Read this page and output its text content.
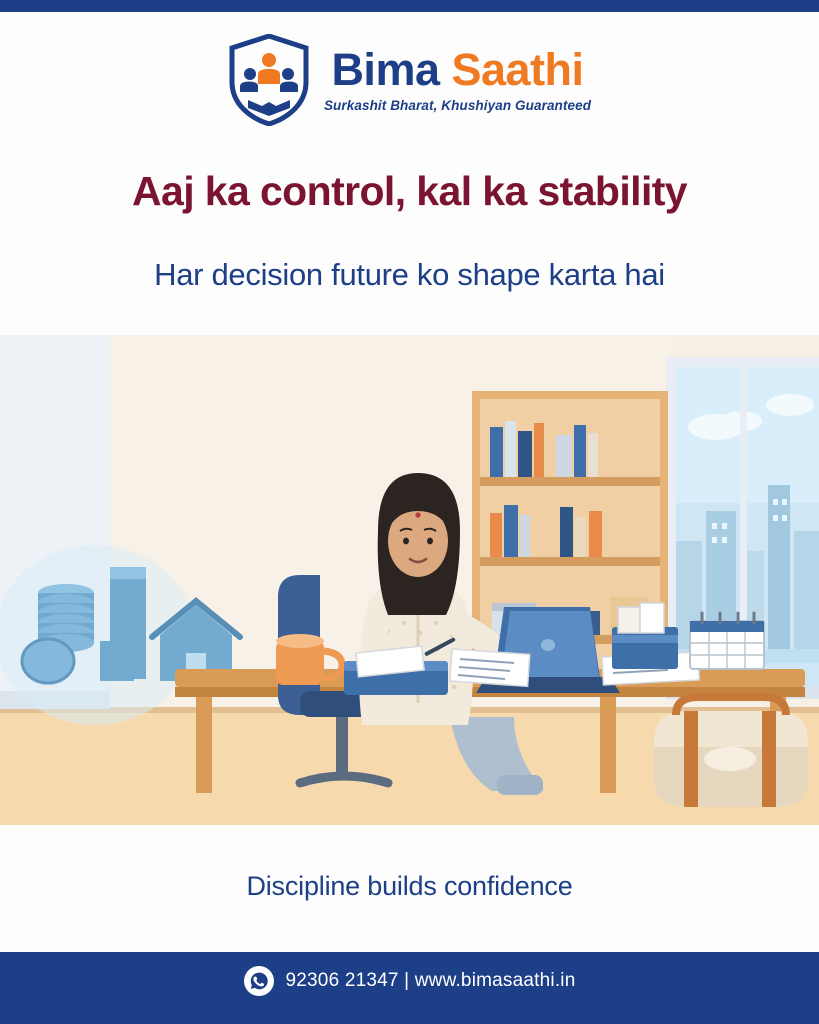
Bima Saathi
Surkashit Bharat, Khushiyan Guaranteed
Aaj ka control, kal ka stability
Har decision future ko shape karta hai
Discipline builds confidence
92306 21347 | www.bimasaathi.in
